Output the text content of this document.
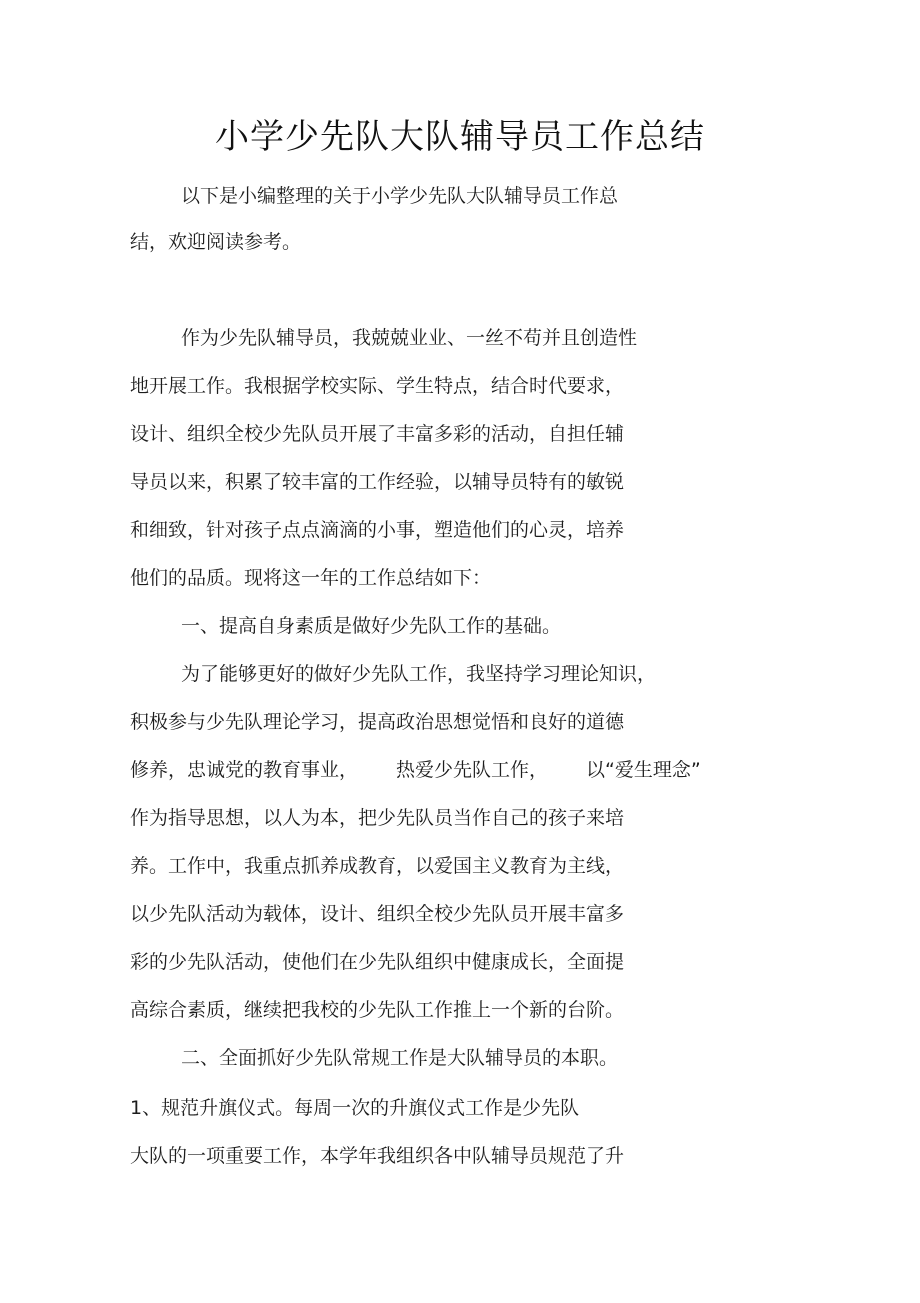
小学少先队大队辅导员工作总结
以下是小编整理的关于小学少先队大队辅导员工作总
结，欢迎阅读参考。
作为少先队辅导员，我兢兢业业、一丝不苟并且创造性
地开展工作。我根据学校实际、学生特点，结合时代要求，
设计、组织全校少先队员开展了丰富多彩的活动，自担任辅
导员以来，积累了较丰富的工作经验，以辅导员特有的敏锐
和细致，针对孩子点点滴滴的小事，塑造他们的心灵，培养
他们的品质。现将这一年的工作总结如下：
一、提高自身素质是做好少先队工作的基础。
为了能够更好的做好少先队工作，我坚持学习理论知识，
积极参与少先队理论学习，提高政治思想觉悟和良好的道德
修养，忠诚党的教育事业， 热爱少先队工作， 以“爱生理念”
作为指导思想，以人为本，把少先队员当作自己的孩子来培
养。工作中，我重点抓养成教育，以爱国主义教育为主线，
以少先队活动为载体，设计、组织全校少先队员开展丰富多
彩的少先队活动，使他们在少先队组织中健康成长，全面提
高综合素质，继续把我校的少先队工作推上一个新的台阶。
二、全面抓好少先队常规工作是大队辅导员的本职。
1、规范升旗仪式。每周一次的升旗仪式工作是少先队
大队的一项重要工作，本学年我组织各中队辅导员规范了升
